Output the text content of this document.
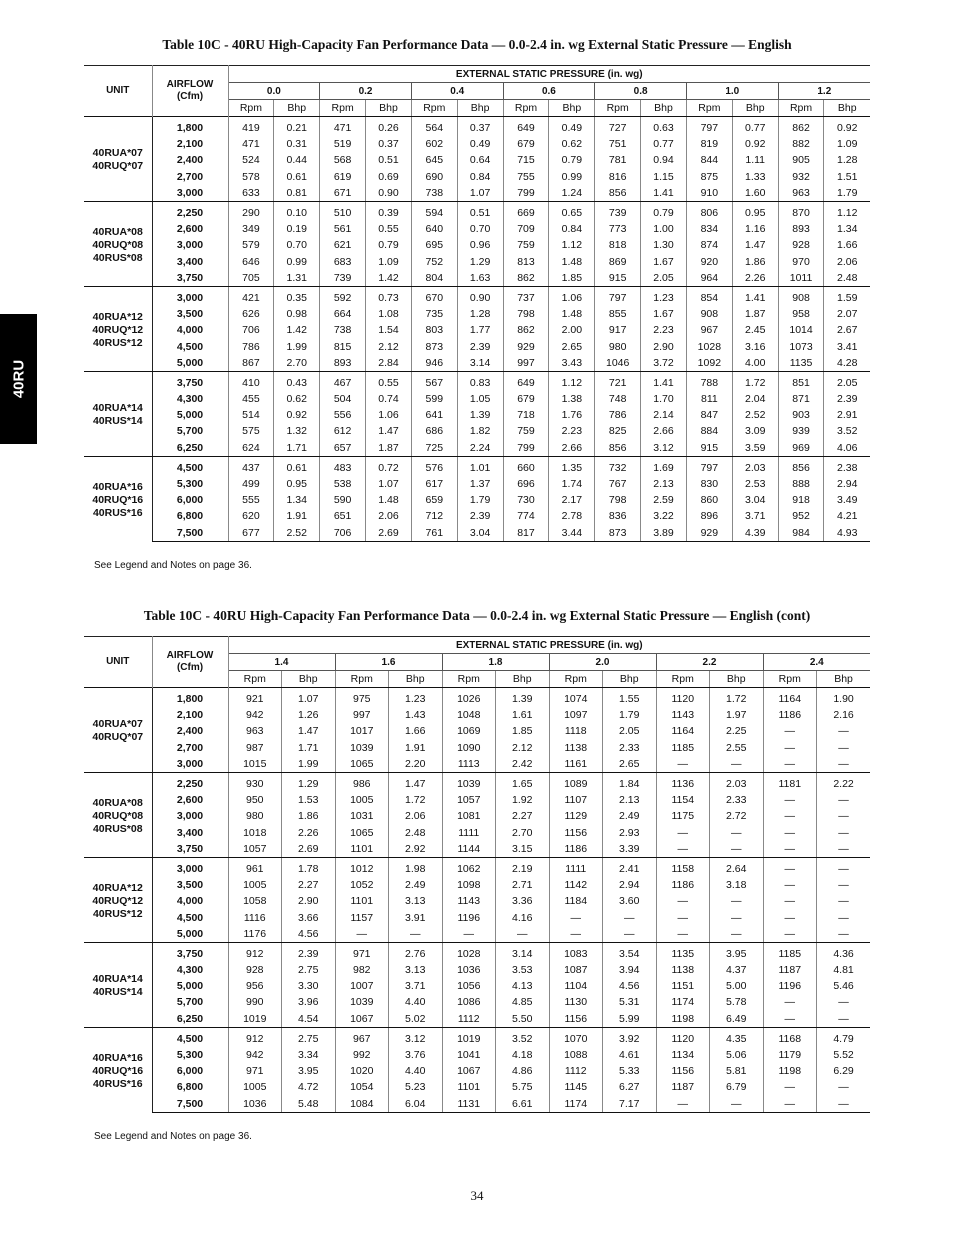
Table 10C - 40RU High-Capacity Fan Performance Data — 0.0-2.4 in. wg External Static Pressure — English
40RU
UNIT	AIRFLOW
(Cfm)	EXTERNAL STATIC PRESSURE (in. wg)													
		0.0		0.2		0.4		0.6		0.8		1.0		1.2	
		Rpm	Bhp	Rpm	Bhp	Rpm	Bhp	Rpm	Bhp	Rpm	Bhp	Rpm	Bhp	Rpm	Bhp

40RUA*07
40RUQ*07	1,800	419	0.21	471	0.26	564	0.37	649	0.49	727	0.63	797	0.77	862	0.92
	2,100	471	0.31	519	0.37	602	0.49	679	0.62	751	0.77	819	0.92	882	1.09
	2,400	524	0.44	568	0.51	645	0.64	715	0.79	781	0.94	844	1.11	905	1.28
	2,700	578	0.61	619	0.69	690	0.84	755	0.99	816	1.15	875	1.33	932	1.51
	3,000	633	0.81	671	0.90	738	1.07	799	1.24	856	1.41	910	1.60	963	1.79

40RUA*08
40RUQ*08
40RUS*08	2,250	290	0.10	510	0.39	594	0.51	669	0.65	739	0.79	806	0.95	870	1.12
	2,600	349	0.19	561	0.55	640	0.70	709	0.84	773	1.00	834	1.16	893	1.34
	3,000	579	0.70	621	0.79	695	0.96	759	1.12	818	1.30	874	1.47	928	1.66
	3,400	646	0.99	683	1.09	752	1.29	813	1.48	869	1.67	920	1.86	970	2.06
	3,750	705	1.31	739	1.42	804	1.63	862	1.85	915	2.05	964	2.26	1011	2.48

40RUA*12
40RUQ*12
40RUS*12	3,000	421	0.35	592	0.73	670	0.90	737	1.06	797	1.23	854	1.41	908	1.59
	3,500	626	0.98	664	1.08	735	1.28	798	1.48	855	1.67	908	1.87	958	2.07
	4,000	706	1.42	738	1.54	803	1.77	862	2.00	917	2.23	967	2.45	1014	2.67
	4,500	786	1.99	815	2.12	873	2.39	929	2.65	980	2.90	1028	3.16	1073	3.41
	5,000	867	2.70	893	2.84	946	3.14	997	3.43	1046	3.72	1092	4.00	1135	4.28

40RUA*14
40RUS*14	3,750	410	0.43	467	0.55	567	0.83	649	1.12	721	1.41	788	1.72	851	2.05
	4,300	455	0.62	504	0.74	599	1.05	679	1.38	748	1.70	811	2.04	871	2.39
	5,000	514	0.92	556	1.06	641	1.39	718	1.76	786	2.14	847	2.52	903	2.91
	5,700	575	1.32	612	1.47	686	1.82	759	2.23	825	2.66	884	3.09	939	3.52
	6,250	624	1.71	657	1.87	725	2.24	799	2.66	856	3.12	915	3.59	969	4.06

40RUA*16
40RUQ*16
40RUS*16	4,500	437	0.61	483	0.72	576	1.01	660	1.35	732	1.69	797	2.03	856	2.38
	5,300	499	0.95	538	1.07	617	1.37	696	1.74	767	2.13	830	2.53	888	2.94
	6,000	555	1.34	590	1.48	659	1.79	730	2.17	798	2.59	860	3.04	918	3.49
	6,800	620	1.91	651	2.06	712	2.39	774	2.78	836	3.22	896	3.71	952	4.21
	7,500	677	2.52	706	2.69	761	3.04	817	3.44	873	3.89	929	4.39	984	4.93
See Legend and Notes on page 36.
Table 10C - 40RU High-Capacity Fan Performance Data — 0.0-2.4 in. wg External Static Pressure — English (cont)
UNIT	AIRFLOW
(Cfm)	EXTERNAL STATIC PRESSURE (in. wg)											
		1.4		1.6		1.8		2.0		2.2		2.4	
		Rpm	Bhp	Rpm	Bhp	Rpm	Bhp	Rpm	Bhp	Rpm	Bhp	Rpm	Bhp

40RUA*07
40RUQ*07	1,800	921	1.07	975	1.23	1026	1.39	1074	1.55	1120	1.72	1164	1.90
	2,100	942	1.26	997	1.43	1048	1.61	1097	1.79	1143	1.97	1186	2.16
	2,400	963	1.47	1017	1.66	1069	1.85	1118	2.05	1164	2.25	—	—
	2,700	987	1.71	1039	1.91	1090	2.12	1138	2.33	1185	2.55	—	—
	3,000	1015	1.99	1065	2.20	1113	2.42	1161	2.65	—	—	—	—

40RUA*08
40RUQ*08
40RUS*08	2,250	930	1.29	986	1.47	1039	1.65	1089	1.84	1136	2.03	1181	2.22
	2,600	950	1.53	1005	1.72	1057	1.92	1107	2.13	1154	2.33	—	—
	3,000	980	1.86	1031	2.06	1081	2.27	1129	2.49	1175	2.72	—	—
	3,400	1018	2.26	1065	2.48	1111	2.70	1156	2.93	—	—	—	—
	3,750	1057	2.69	1101	2.92	1144	3.15	1186	3.39	—	—	—	—

40RUA*12
40RUQ*12
40RUS*12	3,000	961	1.78	1012	1.98	1062	2.19	1111	2.41	1158	2.64	—	—
	3,500	1005	2.27	1052	2.49	1098	2.71	1142	2.94	1186	3.18	—	—
	4,000	1058	2.90	1101	3.13	1143	3.36	1184	3.60	—	—	—	—
	4,500	1116	3.66	1157	3.91	1196	4.16	—	—	—	—	—	—
	5,000	1176	4.56	—	—	—	—	—	—	—	—	—	—

40RUA*14
40RUS*14	3,750	912	2.39	971	2.76	1028	3.14	1083	3.54	1135	3.95	1185	4.36
	4,300	928	2.75	982	3.13	1036	3.53	1087	3.94	1138	4.37	1187	4.81
	5,000	956	3.30	1007	3.71	1056	4.13	1104	4.56	1151	5.00	1196	5.46
	5,700	990	3.96	1039	4.40	1086	4.85	1130	5.31	1174	5.78	—	—
	6,250	1019	4.54	1067	5.02	1112	5.50	1156	5.99	1198	6.49	—	—

40RUA*16
40RUQ*16
40RUS*16	4,500	912	2.75	967	3.12	1019	3.52	1070	3.92	1120	4.35	1168	4.79
	5,300	942	3.34	992	3.76	1041	4.18	1088	4.61	1134	5.06	1179	5.52
	6,000	971	3.95	1020	4.40	1067	4.86	1112	5.33	1156	5.81	1198	6.29
	6,800	1005	4.72	1054	5.23	1101	5.75	1145	6.27	1187	6.79	—	—
	7,500	1036	5.48	1084	6.04	1131	6.61	1174	7.17	—	—	—	—
See Legend and Notes on page 36.
34
